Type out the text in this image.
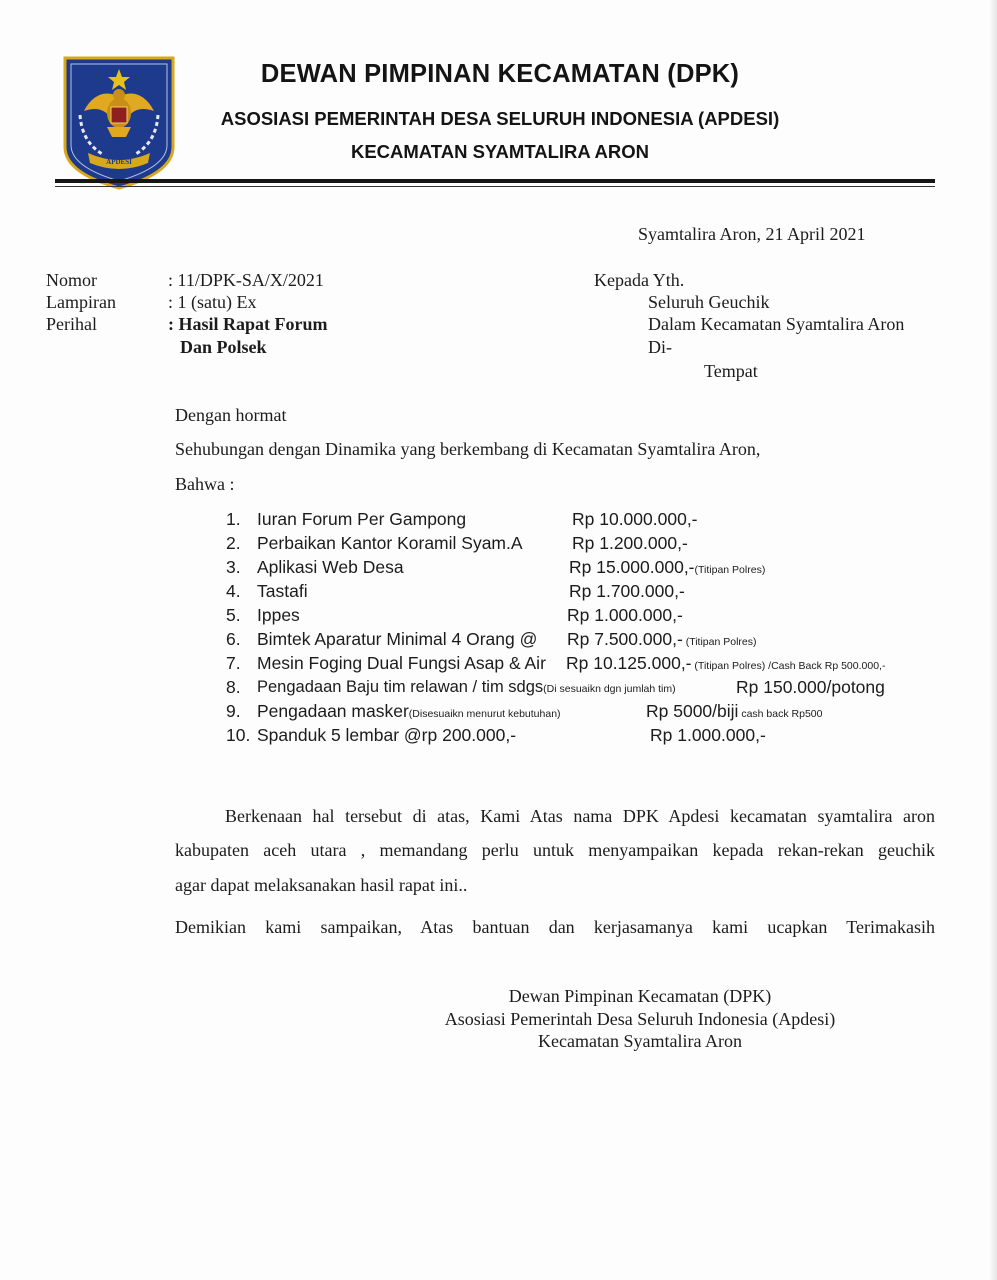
APDESI
DEWAN PIMPINAN KECAMATAN (DPK)
ASOSIASI PEMERINTAH DESA SELURUH INDONESIA (APDESI)
KECAMATAN SYAMTALIRA ARON
Syamtalira Aron, 21 April 2021
Nomor	: 11/DPK-SA/X/2021
Lampiran	: 1 (satu) Ex
Perihal	: Hasil Rapat Forum
Dan Polsek
Kepada Yth.
Seluruh Geuchik
Dalam Kecamatan Syamtalira Aron
Di-
Tempat
Dengan hormat
Sehubungan dengan Dinamika yang berkembang di Kecamatan Syamtalira Aron,
Bahwa :
1. Iuran Forum Per Gampong	Rp 10.000.000,-
2. Perbaikan Kantor Koramil Syam.A	Rp 1.200.000,-
3. Aplikasi Web Desa	Rp 15.000.000,-(Titipan Polres)
4. Tastafi	Rp 1.700.000,-
5. Ippes	Rp 1.000.000,-
6. Bimtek Aparatur Minimal 4 Orang @ Rp 7.500.000,- (Titipan Polres)
7. Mesin Foging Dual Fungsi Asap & Air Rp 10.125.000,- (Titipan Polres) /Cash Back Rp 500.000,-
8. Pengadaan Baju tim relawan / tim sdgs(Di sesuaikn dgn jumlah tim)	Rp 150.000/potong
9. Pengadaan masker(Disesuaikn menurut kebutuhan)	Rp 5000/biji cash back Rp500
10. Spanduk 5 lembar @rp 200.000,-	Rp 1.000.000,-
Berkenaan hal tersebut di atas, Kami Atas nama DPK Apdesi kecamatan syamtalira aron
kabupaten aceh utara , memandang perlu untuk menyampaikan kepada rekan-rekan geuchik
agar dapat melaksanakan hasil rapat ini..
Demikian kami sampaikan, Atas bantuan dan kerjasamanya kami ucapkan Terimakasih
Dewan Pimpinan Kecamatan (DPK)
Asosiasi Pemerintah Desa Seluruh Indonesia (Apdesi)
Kecamatan Syamtalira Aron
